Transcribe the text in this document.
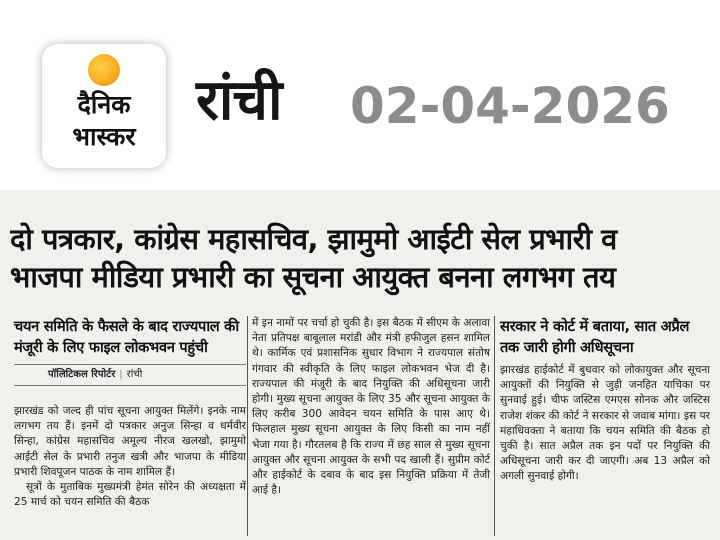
दैनिक
भास्कर
रांची 02-04-2026
दो पत्रकार, कांग्रेस महासचिव, झामुमो आईटी सेल प्रभारी व
भाजपा मीडिया प्रभारी का सूचना आयुक्त बनना लगभग तय
चयन समिति के फैसले के बाद राज्यपाल की मंजूरी के लिए फाइल लोकभवन पहुंची
पॉलिटिकल रिपोर्टर | रांची

झारखंड को जल्द ही पांच सूचना आयुक्त मिलेंगे। इनके नाम लगभग तय हैं। इनमें दो पत्रकार अनुज सिन्हा व धर्मवीर सिन्हा, कांग्रेस महासचिव अमूल्य नीरज खलखो, झामुमो आईटी सेल के प्रभारी तनुज खत्री और भाजपा के मीडिया प्रभारी शिवपूजन पाठक के नाम शामिल हैं।

सूत्रों के मुताबिक मुख्यमंत्री हेमंत सोरेन की अध्यक्षता में 25 मार्च को चयन समिति की बैठक

में इन नामों पर चर्चा हो चुकी है। इस बैठक में सीएम के अलावा नेता प्रतिपक्ष बाबूलाल मरांडी और मंत्री हफीजुल हसन शामिल थे। कार्मिक एवं प्रशासनिक सुधार विभाग ने राज्यपाल संतोष गंगवार की स्वीकृति के लिए फाइल लोकभवन भेज दी है। राज्यपाल की मंजूरी के बाद नियुक्ति की अधिसूचना जारी होगी। मुख्य सूचना आयुक्त के लिए 35 और सूचना आयुक्त के लिए करीब 300 आवेदन चयन समिति के पास आए थे। फिलहाल मुख्य सूचना आयुक्त के लिए किसी का नाम नहीं भेजा गया है। गौरतलब है कि राज्य में छह साल से मुख्य सूचना आयुक्त और सूचना आयुक्त के सभी पद खाली हैं। सुप्रीम कोर्ट और हाईकोर्ट के दबाव के बाद इस नियुक्ति प्रक्रिया में तेजी आई है।

सरकार ने कोर्ट में बताया, सात अप्रैल तक जारी होगी अधिसूचना

झारखंड हाईकोर्ट में बुधवार को लोकायुक्त और सूचना आयुक्तों की नियुक्ति से जुड़ी जनहित याचिका पर सुनवाई हुई। चीफ जस्टिस एमएस सोनक और जस्टिस राजेश शंकर की कोर्ट ने सरकार से जवाब मांगा। इस पर महाधिवक्ता ने बताया कि चयन समिति की बैठक हो चुकी है। सात अप्रैल तक इन पदों पर नियुक्ति की अधिसूचना जारी कर दी जाएगी। अब 13 अप्रैल को अगली सुनवाई होगी।
